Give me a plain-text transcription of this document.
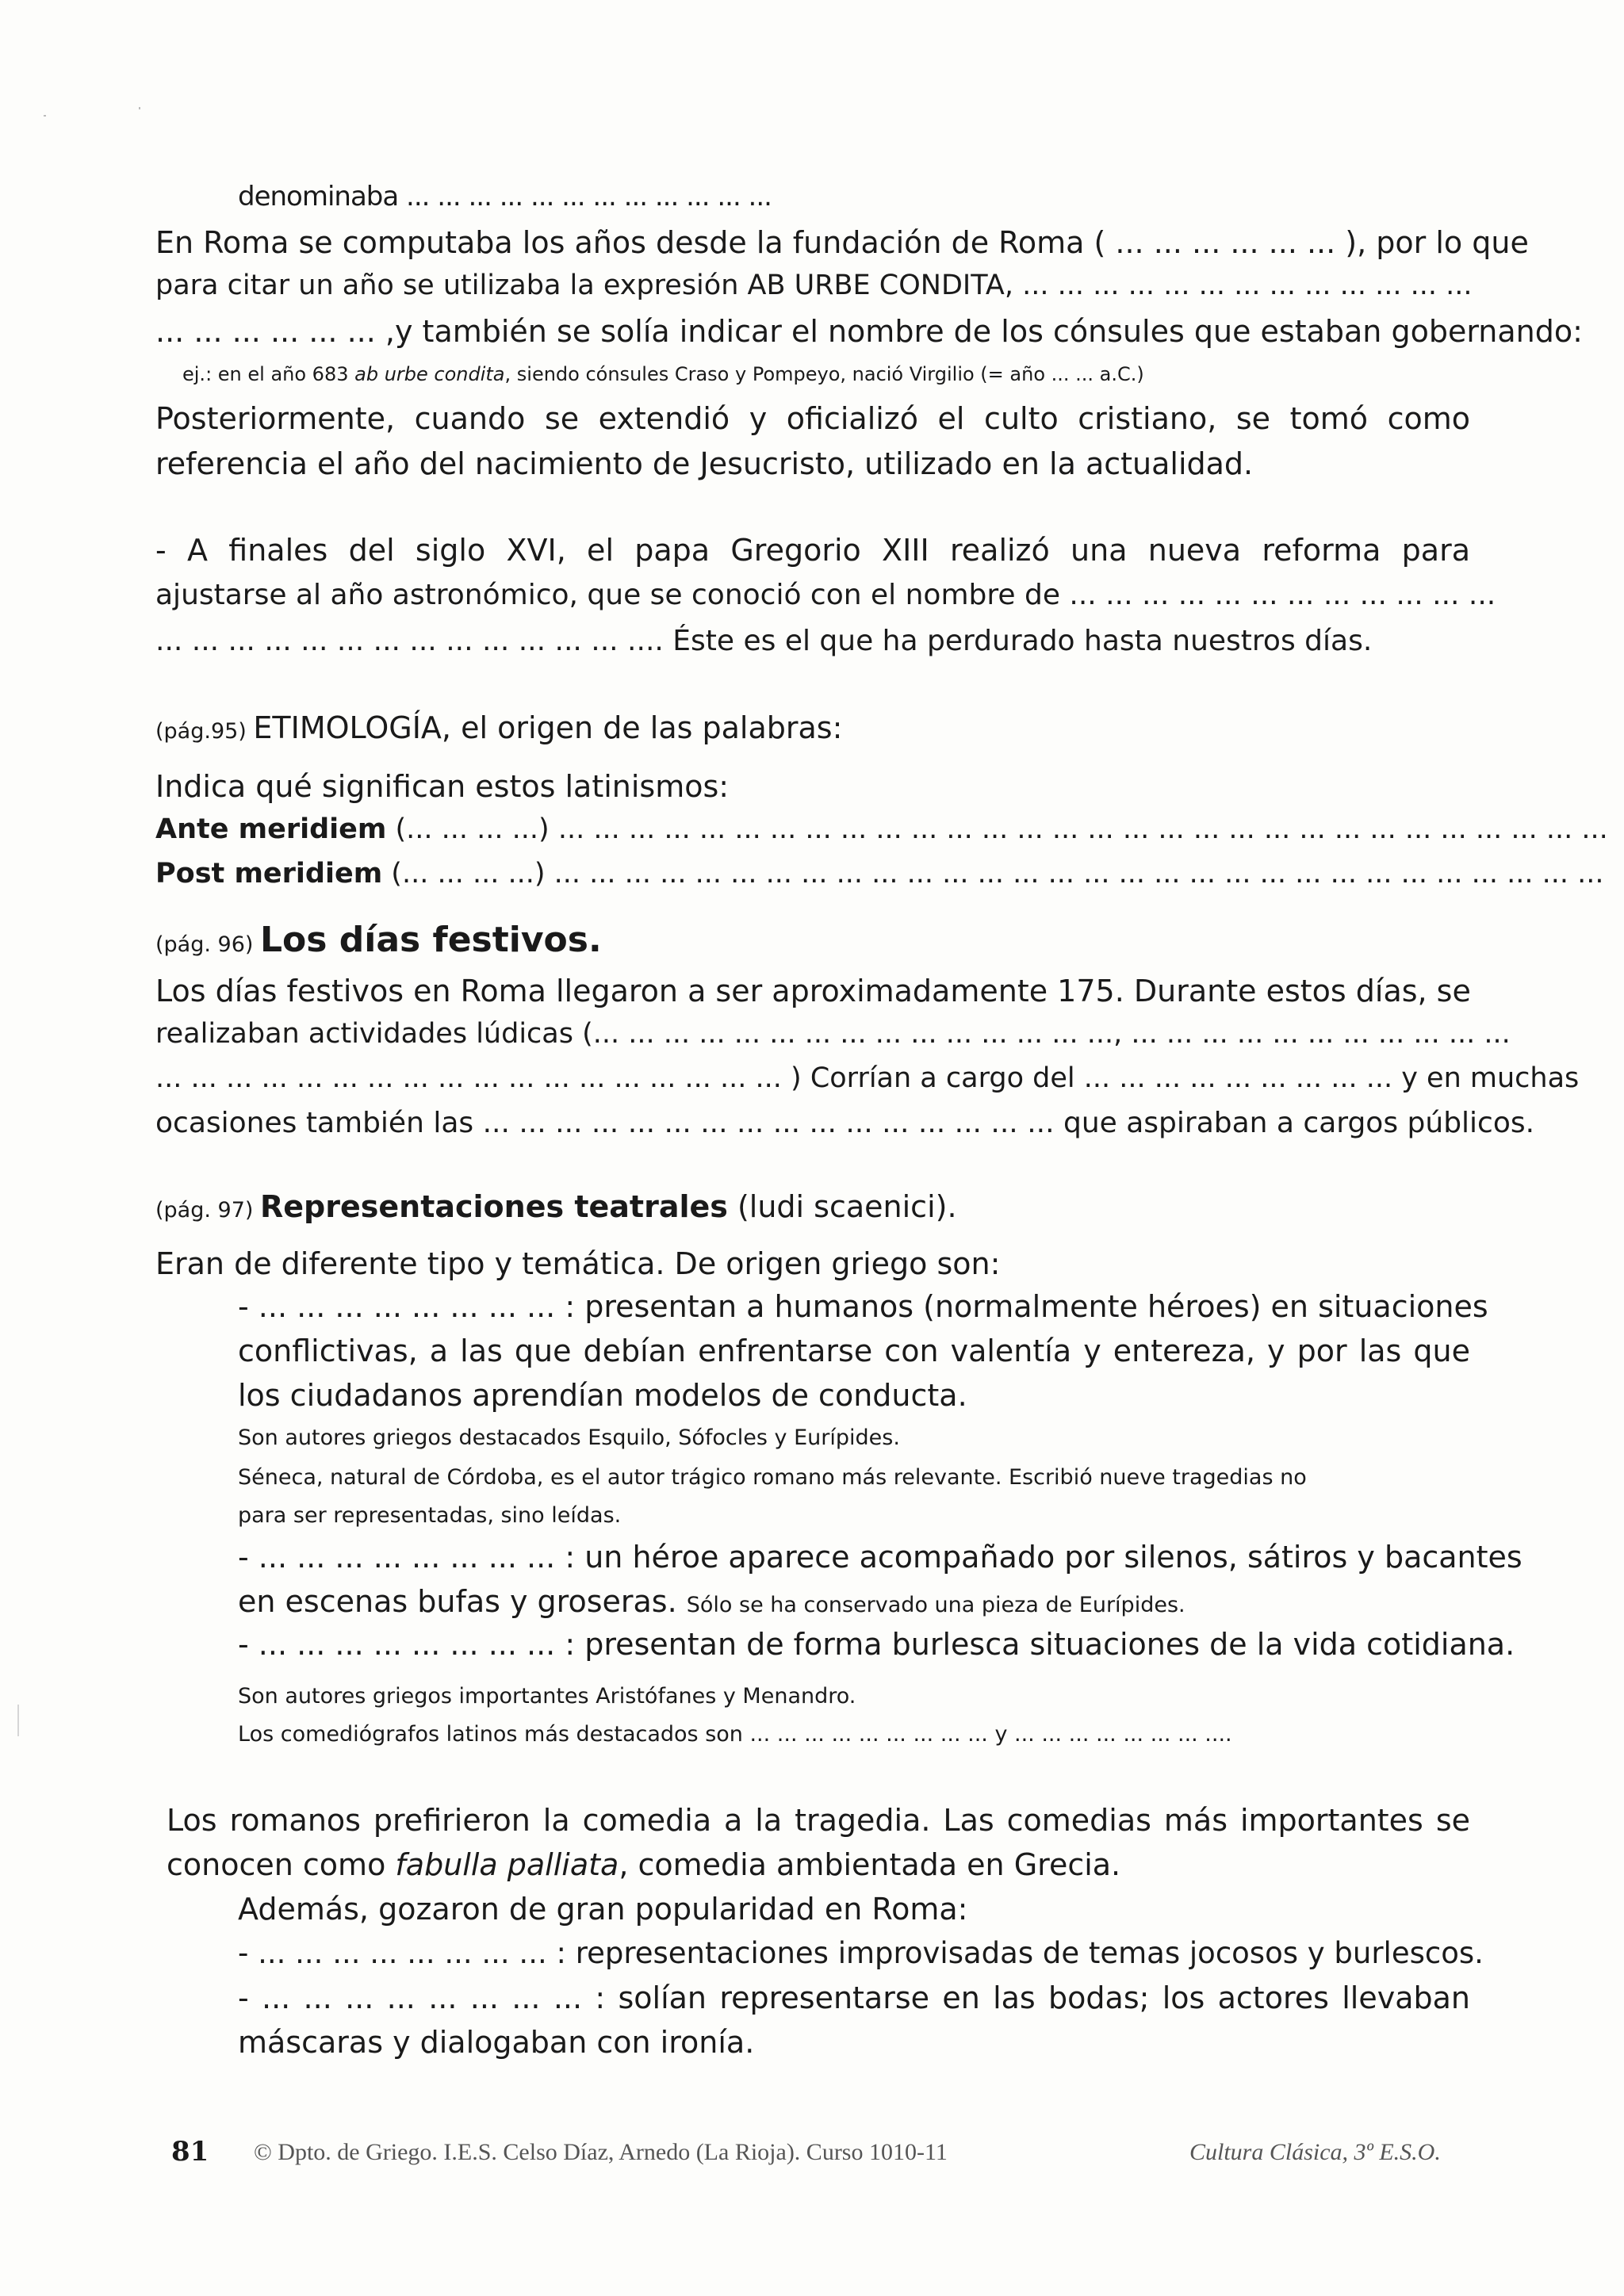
denominaba ... ... ... ... ... ... ... ... ... ... ... ...
En Roma se computaba los años desde la fundación de Roma ( ... ... ... ... ... ... ), por lo que
para citar un año se utilizaba la expresión AB URBE CONDITA, ... ... ... ... ... ... ... ... ... ... ... ... ...
... ... ... ... ... ... ,y también se solía indicar el nombre de los cónsules que estaban gobernando:
ej.: en el año 683 ab urbe condita, siendo cónsules Craso y Pompeyo, nació Virgilio (= año ... ... a.C.)
Posteriormente, cuando se extendió y oficializó el culto cristiano, se tomó como
referencia el año del nacimiento de Jesucristo, utilizado en la actualidad.
- A finales del siglo XVI, el papa Gregorio XIII realizó una nueva reforma para
ajustarse al año astronómico, que se conoció con el nombre de ... ... ... ... ... ... ... ... ... ... ... ...
... ... ... ... ... ... ... ... ... ... ... ... ... .... Éste es el que ha perdurado hasta nuestros días.
(pág.95) ETIMOLOGÍA, el origen de las palabras:
Indica qué significan estos latinismos:
Ante meridiem (... ... ... ...) ... ... ... ... ... ... ... ... ... ... ... ... ... ... ... ... ... ... ... ... ... ... ... ... ... ... ... ... ... ...
Post meridiem (... ... ... ...) ... ... ... ... ... ... ... ... ... ... ... ... ... ... ... ... ... ... ... ... ... ... ... ... ... ... ... ... ... ...
(pág. 96) Los días festivos.
Los días festivos en Roma llegaron a ser aproximadamente 175. Durante estos días, se
realizaban actividades lúdicas (... ... ... ... ... ... ... ... ... ... ... ... ... ... ..., ... ... ... ... ... ... ... ... ... ... ...
... ... ... ... ... ... ... ... ... ... ... ... ... ... ... ... ... ... ) Corrían a cargo del ... ... ... ... ... ... ... ... ... y en muchas
ocasiones también las ... ... ... ... ... ... ... ... ... ... ... ... ... ... ... ... que aspiraban a cargos públicos.
(pág. 97) Representaciones teatrales (ludi scaenici).
Eran de diferente tipo y temática. De origen griego son:
- ... ... ... ... ... ... ... ... : presentan a humanos (normalmente héroes) en situaciones
conflictivas, a las que debían enfrentarse con valentía y entereza, y por las que
los ciudadanos aprendían modelos de conducta.
Son autores griegos destacados Esquilo, Sófocles y Eurípides.
Séneca, natural de Córdoba, es el autor trágico romano más relevante. Escribió nueve tragedias no
para ser representadas, sino leídas.
- ... ... ... ... ... ... ... ... : un héroe aparece acompañado por silenos, sátiros y bacantes
en escenas bufas y groseras. Sólo se ha conservado una pieza de Eurípides.
- ... ... ... ... ... ... ... ... : presentan de forma burlesca situaciones de la vida cotidiana.
Son autores griegos importantes Aristófanes y Menandro.
Los comediógrafos latinos más destacados son ... ... ... ... ... ... ... ... ... y ... ... ... ... ... ... ... ....
Los romanos prefirieron la comedia a la tragedia. Las comedias más importantes se
conocen como fabulla palliata, comedia ambientada en Grecia.
Además, gozaron de gran popularidad en Roma:
- ... ... ... ... ... ... ... ... : representaciones improvisadas de temas jocosos y burlescos.
- ... ... ... ... ... ... ... ... : solían representarse en las bodas; los actores llevaban
máscaras y dialogaban con ironía.
81 © Dpto. de Griego. I.E.S. Celso Díaz, Arnedo (La Rioja). Curso 1010-11	Cultura Clásica, 3º E.S.O.
